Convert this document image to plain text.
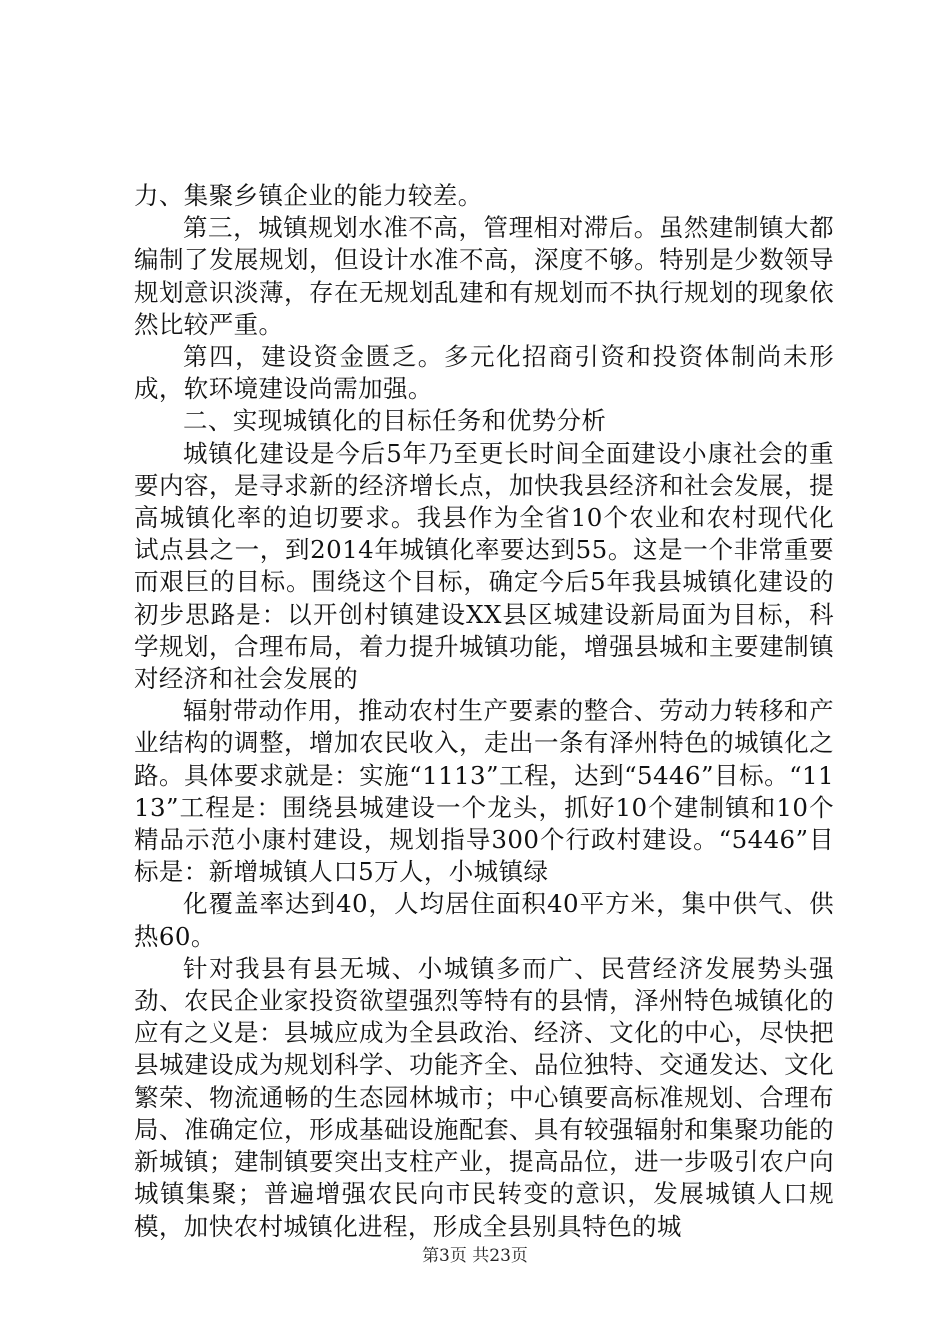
力、集聚乡镇企业的能力较差。

第三，城镇规划水准不高，管理相对滞后。虽然建制镇大都编制了发展规划，但设计水准不高，深度不够。特别是少数领导规划意识淡薄，存在无规划乱建和有规划而不执行规划的现象依然比较严重。

第四，建设资金匮乏。多元化招商引资和投资体制尚未形成，软环境建设尚需加强。

二、实现城镇化的目标任务和优势分析

城镇化建设是今后5年乃至更长时间全面建设小康社会的重要内容，是寻求新的经济增长点，加快我县经济和社会发展，提高城镇化率的迫切要求。我县作为全省10个农业和农村现代化试点县之一，到2014年城镇化率要达到55。这是一个非常重要而艰巨的目标。围绕这个目标，确定今后5年我县城镇化建设的初步思路是：以开创村镇建设XX县区城建设新局面为目标，科学规划，合理布局，着力提升城镇功能，增强县城和主要建制镇对经济和社会发展的

辐射带动作用，推动农村生产要素的整合、劳动力转移和产业结构的调整，增加农民收入，走出一条有泽州特色的城镇化之路。具体要求就是：实施“1113”工程，达到“5446”目标。“1113”工程是：围绕县城建设一个龙头，抓好10个建制镇和10个精品示范小康村建设，规划指导300个行政村建设。“5446”目标是：新增城镇人口5万人，小城镇绿

化覆盖率达到40，人均居住面积40平方米，集中供气、供热60。

针对我县有县无城、小城镇多而广、民营经济发展势头强劲、农民企业家投资欲望强烈等特有的县情，泽州特色城镇化的应有之义是：县城应成为全县政治、经济、文化的中心，尽快把县城建设成为规划科学、功能齐全、品位独特、交通发达、文化繁荣、物流通畅的生态园林城市；中心镇要高标准规划、合理布局、准确定位，形成基础设施配套、具有较强辐射和集聚功能的新城镇；建制镇要突出支柱产业，提高品位，进一步吸引农户向城镇集聚；普遍增强农民向市民转变的意识，发展城镇人口规模，加快农村城镇化进程，形成全县别具特色的城

第3页 共23页
